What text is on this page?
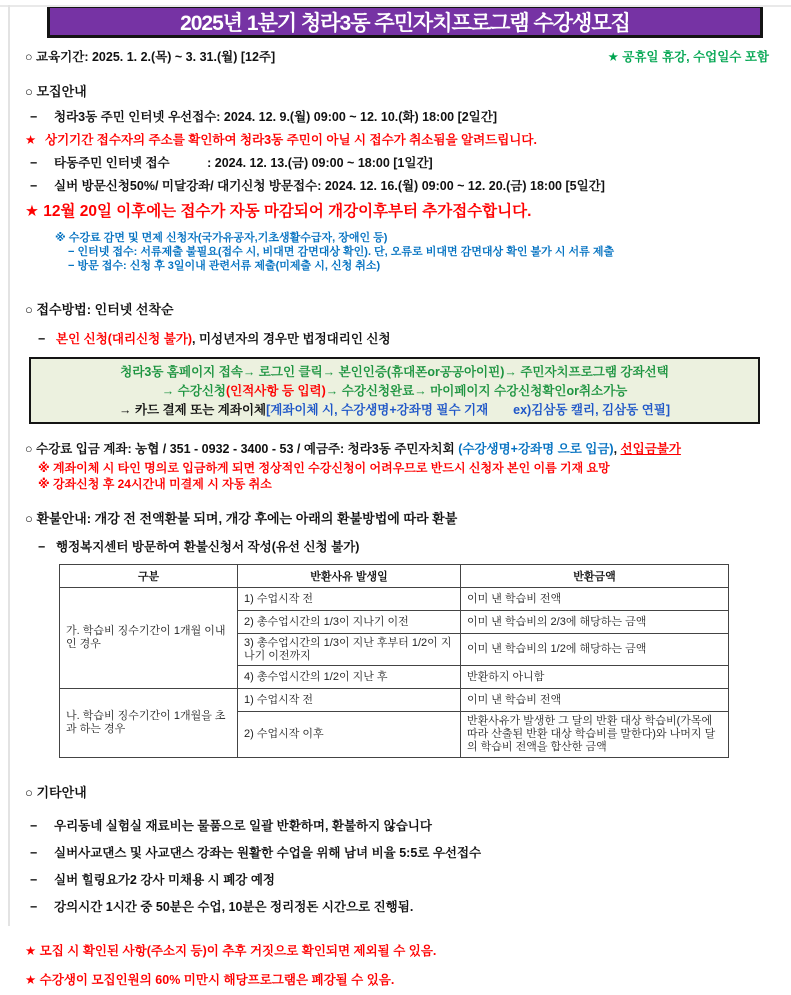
2025년 1분기 청라3동 주민자치프로그램 수강생모집
○ 교육기간: 2025. 1. 2.(목) ~ 3. 31.(월) [12주]	★ 공휴일 휴강, 수업일수 포함
○ 모집안내
− 청라3동 주민 인터넷 우선접수: 2024. 12. 9.(월) 09:00 ~ 12. 10.(화) 18:00 [2일간]
★ 상기기간 접수자의 주소를 확인하여 청라3동 주민이 아닐 시 접수가 취소됨을 알려드립니다.
− 타동주민 인터넷 접수　　　: 2024. 12. 13.(금) 09:00 ~ 18:00 [1일간]
− 실버 방문신청50%/ 미달강좌/ 대기신청 방문접수: 2024. 12. 16.(월) 09:00 ~ 12. 20.(금) 18:00 [5일간]
★ 12월 20일 이후에는 접수가 자동 마감되어 개강이후부터 추가접수합니다.
※ 수강료 감면 및 면제 신청자(국가유공자,기초생활수급자, 장애인 등)
− 인터넷 접수: 서류제출 불필요(접수 시, 비대면 감면대상 확인). 단, 오류로 비대면 감면대상 확인 불가 시 서류 제출
− 방문 접수: 신청 후 3일이내 관련서류 제출(미제출 시, 신청 취소)
○ 접수방법: 인터넷 선착순
− 본인 신청(대리신청 불가), 미성년자의 경우만 법정대리인 신청
청라3동 홈페이지 접속→ 로그인 클릭→ 본인인증(휴대폰or공공아이핀)→ 주민자치프로그램 강좌선택
→ 수강신청(인적사항 등 입력)→ 수강신청완료→ 마이페이지 수강신청확인or취소가능
→ 카드 결제 또는 계좌이체[계좌이체 시, 수강생명+강좌명 필수 기재　　ex)김삼동 캘리, 김삼동 연필]
○ 수강료 입금 계좌: 농협 / 351 - 0932 - 3400 - 53 / 예금주: 청라3동 주민자치회 (수강생명+강좌명 으로 입금), 선입금불가
※ 계좌이체 시 타인 명의로 입금하게 되면 정상적인 수강신청이 어려우므로 반드시 신청자 본인 이름 기재 요망
※ 강좌신청 후 24시간내 미결제 시 자동 취소
○ 환불안내: 개강 전 전액환불 되며, 개강 후에는 아래의 환불방법에 따라 환불
− 행정복지센터 방문하여 환불신청서 작성(유선 신청 불가)
구분	반환사유 발생일	반환금액
가. 학습비 징수기간이 1개월 이내인 경우	1) 수업시작 전	이미 낸 학습비 전액
	2) 총수업시간의 1/3이 지나기 이전	이미 낸 학습비의 2/3에 해당하는 금액
	3) 총수업시간의 1/3이 지난 후부터 1/2이 지나기 이전까지	이미 낸 학습비의 1/2에 해당하는 금액
	4) 총수업시간의 1/2이 지난 후	반환하지 아니함
나. 학습비 징수기간이 1개월을 초과 하는 경우	1) 수업시작 전	이미 낸 학습비 전액
	2) 수업시작 이후	반환사유가 발생한 그 달의 반환 대상 학습비(가목에 따라 산출된 반환 대상 학습비를 말한다)와 나머지 달의 학습비 전액을 합산한 금액
○ 기타안내
− 우리동네 실험실 재료비는 물품으로 일괄 반환하며, 환불하지 않습니다
− 실버사교댄스 및 사교댄스 강좌는 원활한 수업을 위해 남녀 비율 5:5로 우선접수
− 실버 힐링요가2 강사 미채용 시 폐강 예정
− 강의시간 1시간 중 50분은 수업, 10분은 정리정돈 시간으로 진행됨.
★ 모집 시 확인된 사항(주소지 등)이 추후 거짓으로 확인되면 제외될 수 있음.
★ 수강생이 모집인원의 60% 미만시 해당프로그램은 폐강될 수 있음.
